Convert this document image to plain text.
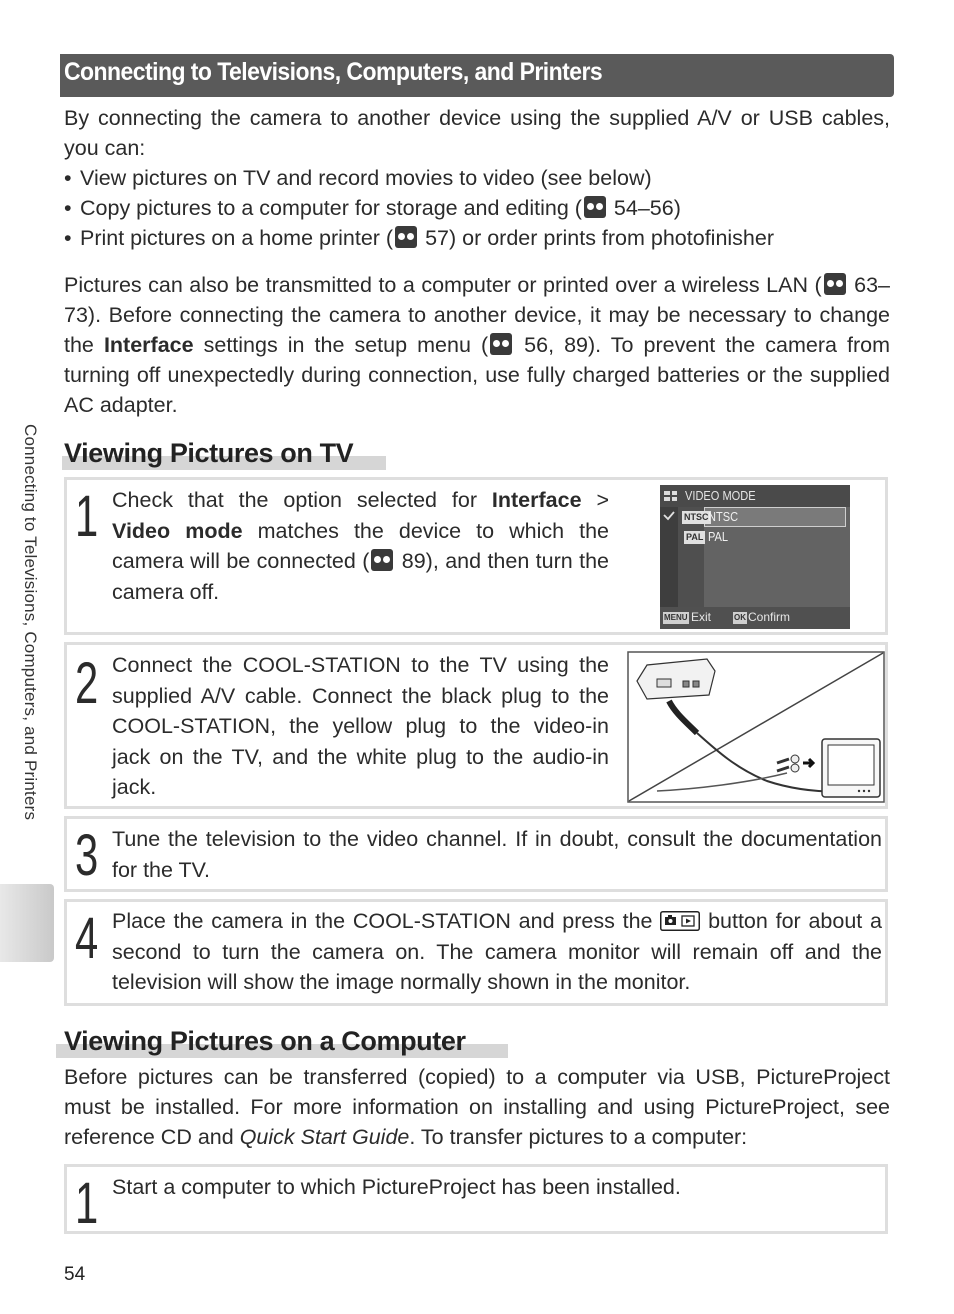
Connecting to Televisions, Computers, and Printers
By connecting the camera to another device using the supplied A/V or USB cables, you can:
• View pictures on TV and record movies to video (see below)
• Copy pictures to a computer for storage and editing ( 54–56)
• Print pictures on a home printer ( 57) or order prints from photofinisher
Pictures can also be transmitted to a computer or printed over a wireless LAN ( 63–73). Before connecting the camera to another device, it may be necessary to change the Interface settings in the setup menu ( 56, 89). To prevent the camera from turning off unexpectedly during connection, use fully charged batteries or the supplied AC adapter.
Connecting to Televisions, Computers, and Printers Viewing Pictures on TV
1 Check that the option selected for Interface > Video mode matches the device to which the camera will be connected ( 89), and then turn the camera off.
VIDEO MODE
NTSC NTSC
PAL PAL
MENU Exit	OK Confirm
2 Connect the COOL-STATION to the TV using the supplied A/V cable. Connect the black plug to the COOL-STATION, the yellow plug to the video-in jack on the TV, and the white plug to the audio-in jack.
3 Tune the television to the video channel. If in doubt, consult the documentation for the TV.
4 Place the camera in the COOL-STATION and press the  button for about a second to turn the camera on. The camera monitor will remain off and the television will show the image normally shown in the monitor.
Viewing Pictures on a Computer
Before pictures can be transferred (copied) to a computer via USB, PictureProject must be installed. For more information on installing and using PictureProject, see reference CD and Quick Start Guide. To transfer pictures to a computer:
1 Start a computer to which PictureProject has been installed.
54
